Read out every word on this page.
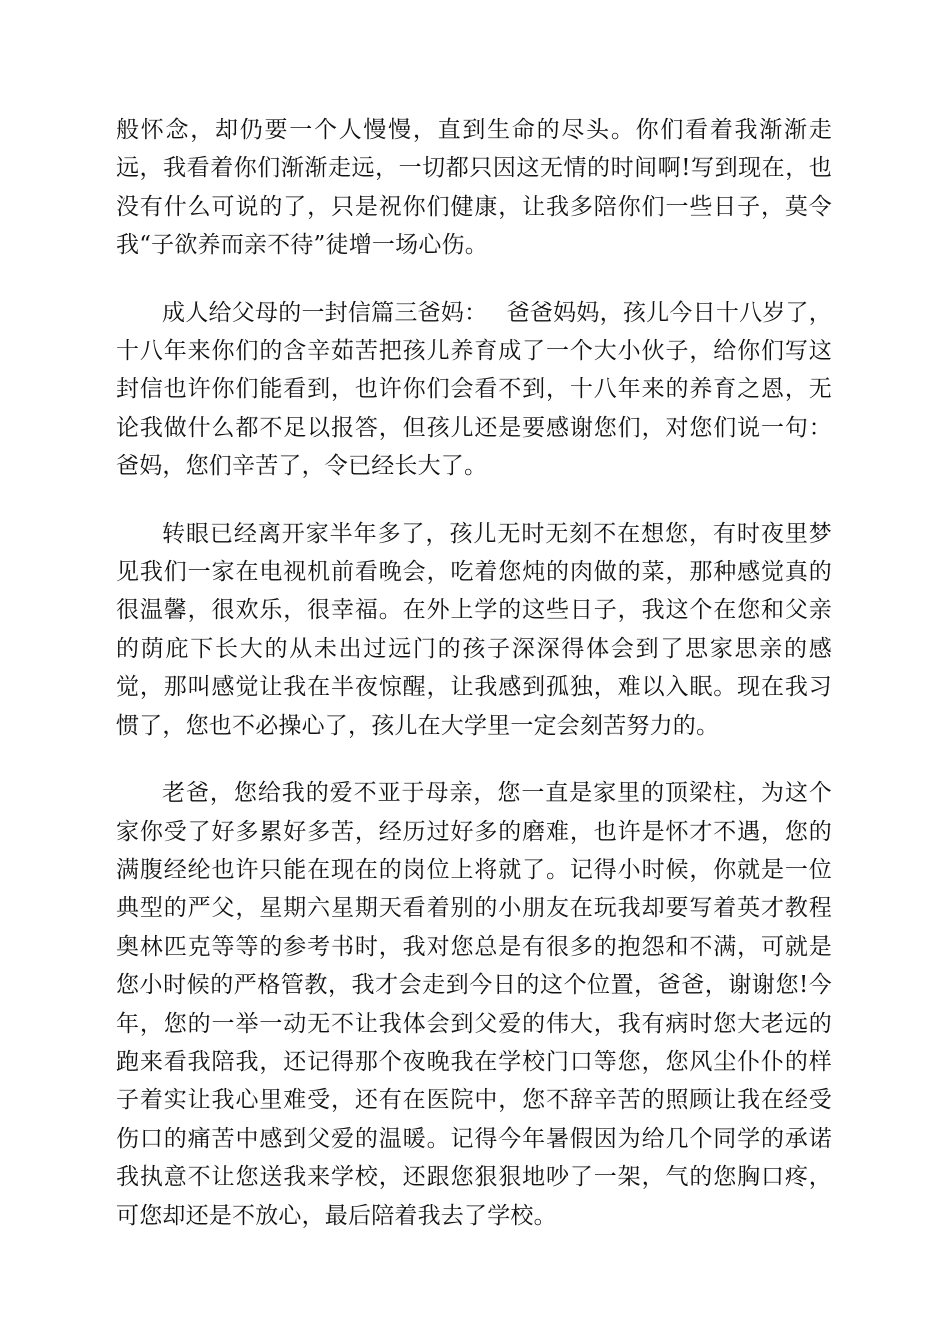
般怀念，却仍要一个人慢慢，直到生命的尽头。你们看着我渐渐走远，我看着你们渐渐走远，一切都只因这无情的时间啊!写到现在，也没有什么可说的了，只是祝你们健康，让我多陪你们一些日子，莫令我“子欲养而亲不待”徒增一场心伤。

成人给父母的一封信篇三爸妈：　 爸爸妈妈，孩儿今日十八岁了，十八年来你们的含辛茹苦把孩儿养育成了一个大小伙子，给你们写这封信也许你们能看到，也许你们会看不到，十八年来的养育之恩，无论我做什么都不足以报答，但孩儿还是要感谢您们，对您们说一句：爸妈，您们辛苦了，令已经长大了。

转眼已经离开家半年多了，孩儿无时无刻不在想您，有时夜里梦见我们一家在电视机前看晚会，吃着您炖的肉做的菜，那种感觉真的很温馨，很欢乐，很幸福。在外上学的这些日子，我这个在您和父亲的荫庇下长大的从未出过远门的孩子深深得体会到了思家思亲的感觉，那叫感觉让我在半夜惊醒，让我感到孤独，难以入眠。现在我习惯了，您也不必操心了，孩儿在大学里一定会刻苦努力的。

老爸，您给我的爱不亚于母亲，您一直是家里的顶梁柱，为这个家你受了好多累好多苦，经历过好多的磨难，也许是怀才不遇，您的满腹经纶也许只能在现在的岗位上将就了。记得小时候，你就是一位典型的严父，星期六星期天看着别的小朋友在玩我却要写着英才教程奥林匹克等等的参考书时，我对您总是有很多的抱怨和不满，可就是您小时候的严格管教，我才会走到今日的这个位置，爸爸，谢谢您!今年，您的一举一动无不让我体会到父爱的伟大，我有病时您大老远的跑来看我陪我，还记得那个夜晚我在学校门口等您，您风尘仆仆的样子着实让我心里难受，还有在医院中，您不辞辛苦的照顾让我在经受伤口的痛苦中感到父爱的温暖。记得今年暑假因为给几个同学的承诺我执意不让您送我来学校，还跟您狠狠地吵了一架，气的您胸口疼，可您却还是不放心，最后陪着我去了学校。
